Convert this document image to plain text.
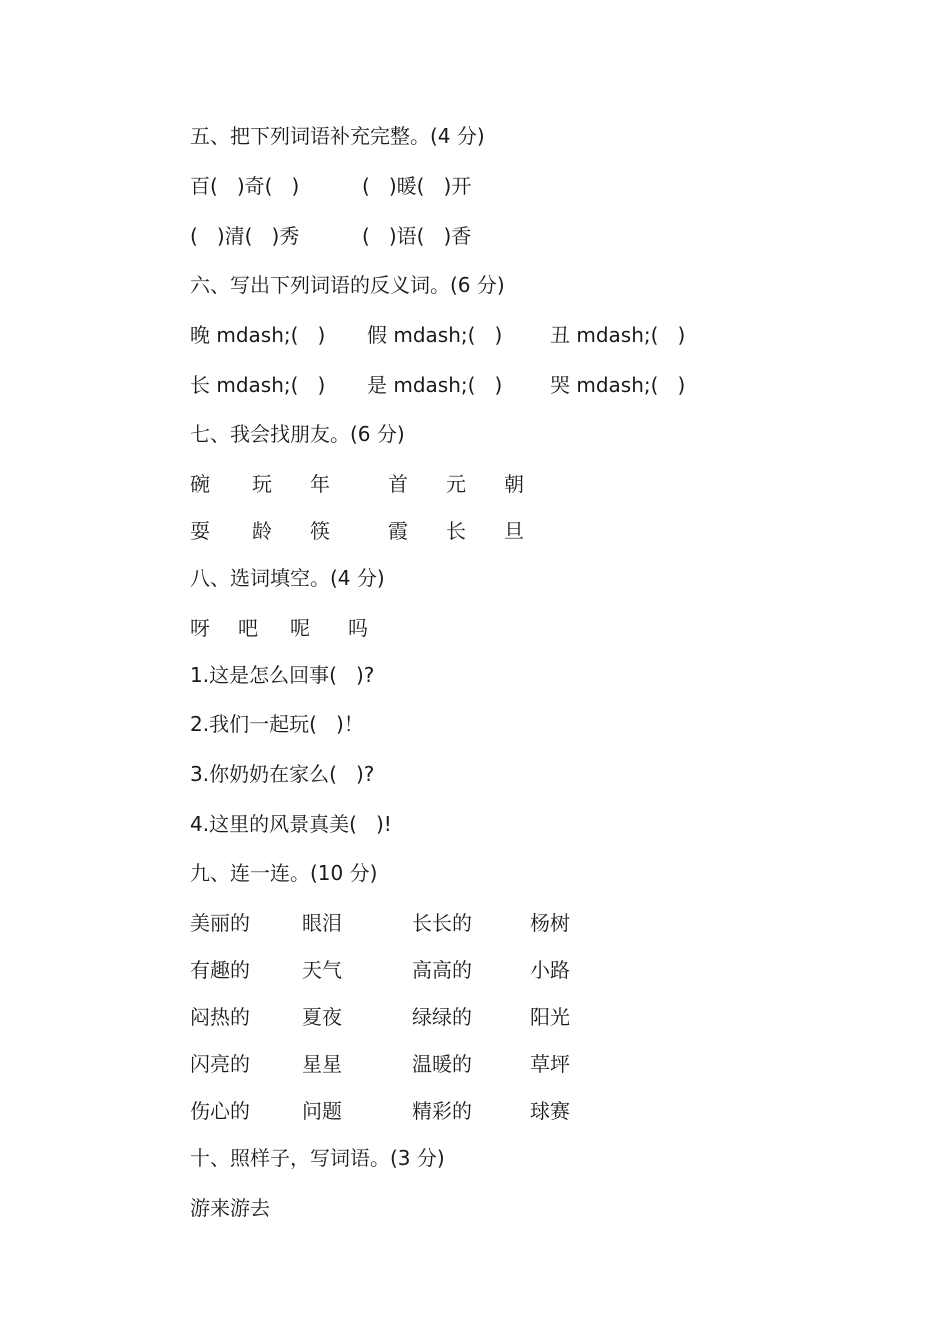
五、把下列词语补充完整。(4 分)
百(   )奇(   )	(   )暖(   )开
(   )清(   )秀	(   )语(   )香
六、写出下列词语的反义词。(6 分)
晚 mdash;(   ) 假 mdash;(   ) 丑 mdash;(   )
长 mdash;(   ) 是 mdash;(   ) 哭 mdash;(   )
七、我会找朋友。(6 分)
碗 玩 年	首 元 朝
耍 龄 筷	霞 长 旦
八、选词填空。(4 分)
呀 吧 呢 吗
1.这是怎么回事(   )?
2.我们一起玩(   )！
3.你奶奶在家么(   )?
4.这里的风景真美(   )!
九、连一连。(10 分)
美丽的	眼泪	长长的	杨树
有趣的	天气	高高的	小路
闷热的	夏夜	绿绿的	阳光
闪亮的	星星	温暖的	草坪
伤心的	问题	精彩的	球赛
十、照样子，写词语。(3 分)
游来游去
